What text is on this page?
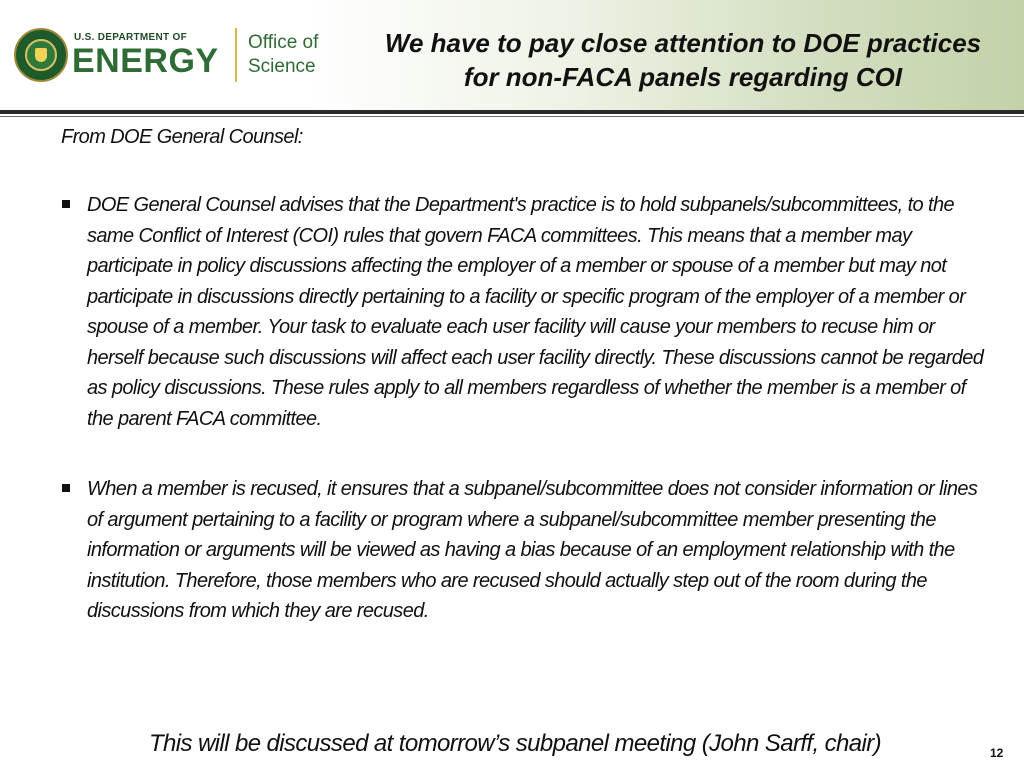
U.S. DEPARTMENT OF
ENERGY Office of
Science
We have to pay close attention to DOE practices
for non-FACA panels regarding COI
From DOE General Counsel:
DOE General Counsel advises that the Department's practice is to hold subpanels/subcommittees, to the same Conflict of Interest (COI) rules that govern FACA committees. This means that a member may participate in policy discussions affecting the employer of a member or spouse of a member but may not participate in discussions directly pertaining to a facility or specific program of the employer of a member or spouse of a member. Your task to evaluate each user facility will cause your members to recuse him or herself because such discussions will affect each user facility directly. These discussions cannot be regarded as policy discussions. These rules apply to all members regardless of whether the member is a member of the parent FACA committee.
When a member is recused, it ensures that a subpanel/subcommittee does not consider information or lines of argument pertaining to a facility or program where a subpanel/subcommittee member presenting the information or arguments will be viewed as having a bias because of an employment relationship with the institution. Therefore, those members who are recused should actually step out of the room during the discussions from which they are recused.
This will be discussed at tomorrow’s subpanel meeting (John Sarff, chair)	12
